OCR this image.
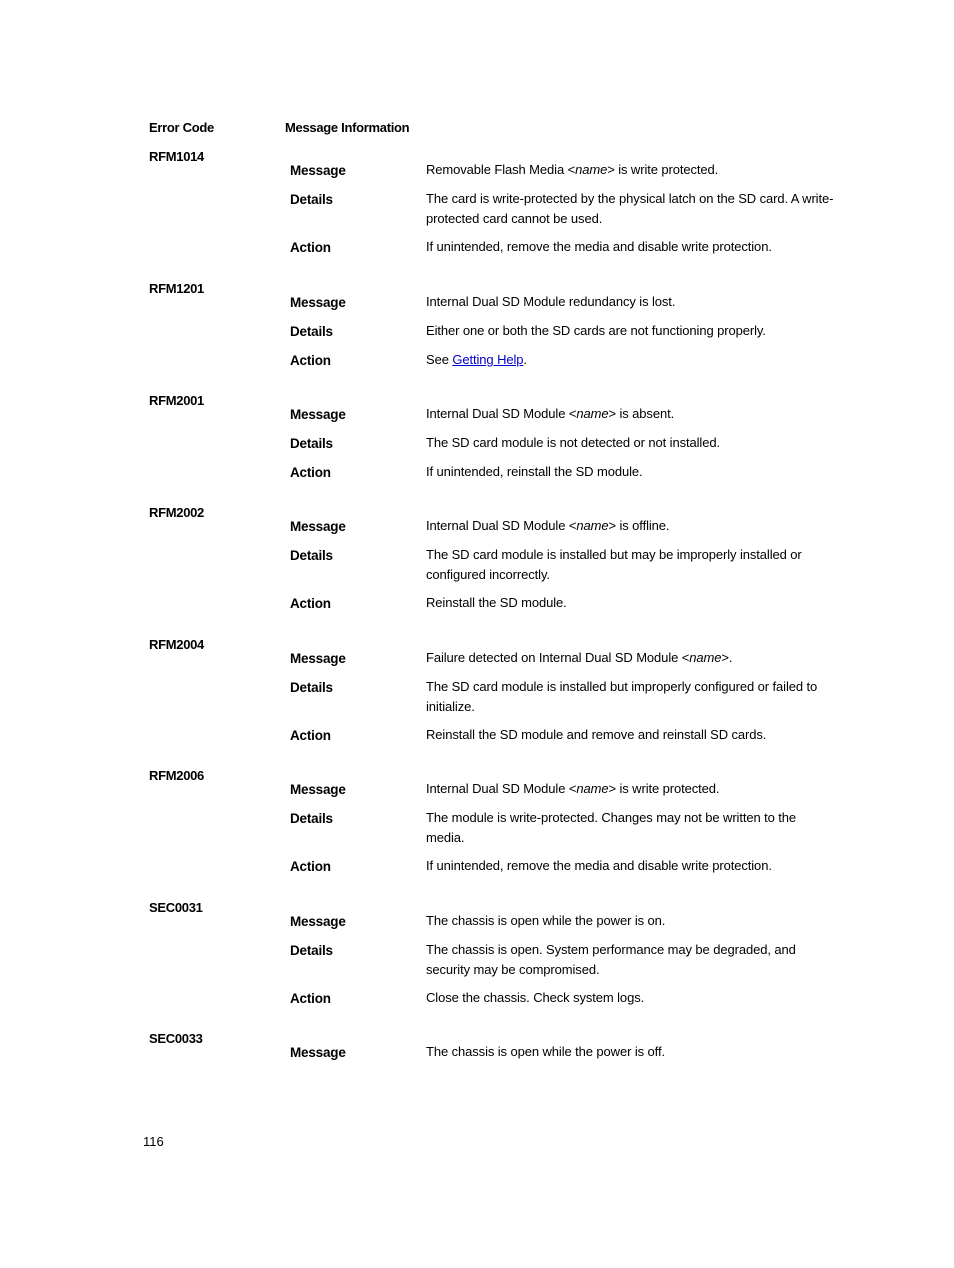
Error Code	Message Information
RFM1014
Message	Removable Flash Media <name> is write protected.
Details	The card is write-protected by the physical latch on the SD card. A write-protected card cannot be used.
Action	If unintended, remove the media and disable write protection.
RFM1201
Message	Internal Dual SD Module redundancy is lost.
Details	Either one or both the SD cards are not functioning properly.
Action	See Getting Help.
RFM2001
Message	Internal Dual SD Module <name> is absent.
Details	The SD card module is not detected or not installed.
Action	If unintended, reinstall the SD module.
RFM2002
Message	Internal Dual SD Module <name> is offline.
Details	The SD card module is installed but may be improperly installed or configured incorrectly.
Action	Reinstall the SD module.
RFM2004
Message	Failure detected on Internal Dual SD Module <name>.
Details	The SD card module is installed but improperly configured or failed to initialize.
Action	Reinstall the SD module and remove and reinstall SD cards.
RFM2006
Message	Internal Dual SD Module <name> is write protected.
Details	The module is write-protected. Changes may not be written to the media.
Action	If unintended, remove the media and disable write protection.
SEC0031
Message	The chassis is open while the power is on.
Details	The chassis is open. System performance may be degraded, and security may be compromised.
Action	Close the chassis. Check system logs.
SEC0033
Message	The chassis is open while the power is off.
116
